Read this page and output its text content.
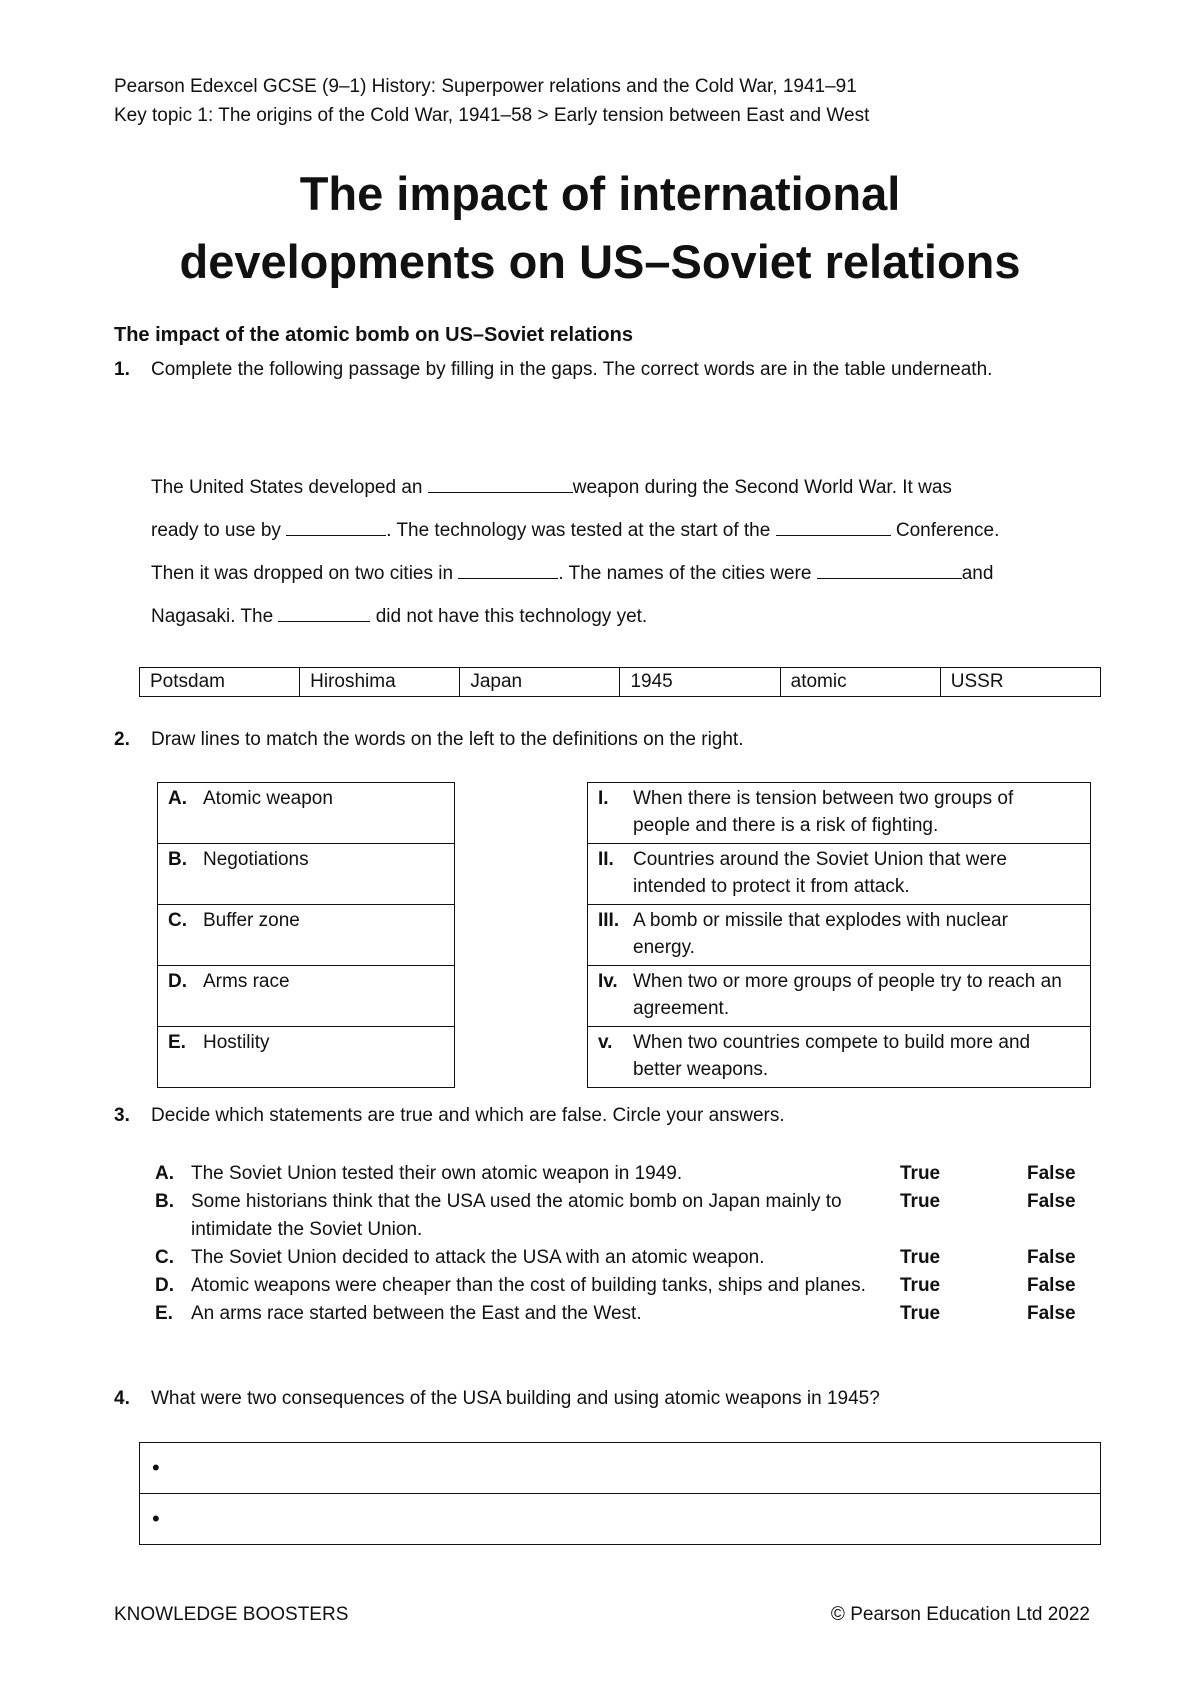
Pearson Edexcel GCSE (9–1) History: Superpower relations and the Cold War, 1941–91
Key topic 1: The origins of the Cold War, 1941–58 > Early tension between East and West
The impact of international
developments on US–Soviet relations
The impact of the atomic bomb on US–Soviet relations
1. Complete the following passage by filling in the gaps. The correct words are in the table underneath.
The United States developed an	weapon during the Second World War. It was
ready to use by	. The technology was tested at the start of the	Conference.
Then it was dropped on two cities in	. The names of the cities were	and
Nagasaki. The	did not have this technology yet.
Potsdam	Hiroshima	Japan	1945	atomic	USSR
2. Draw lines to match the words on the left to the definitions on the right.
A. Atomic weapon
B. Negotiations
C. Buffer zone
D. Arms race
E. Hostility
I. When there is tension between two groups of people and there is a risk of fighting.
II. Countries around the Soviet Union that were intended to protect it from attack.
III. A bomb or missile that explodes with nuclear energy.
Iv. When two or more groups of people try to reach an agreement.
v. When two countries compete to build more and better weapons.
3. Decide which statements are true and which are false. Circle your answers.
A. The Soviet Union tested their own atomic weapon in 1949.	True	False
B. Some historians think that the USA used the atomic bomb on Japan mainly to intimidate the Soviet Union.
True	False
C. The Soviet Union decided to attack the USA with an atomic weapon.	True	False
D. Atomic weapons were cheaper than the cost of building tanks, ships and planes. True	False
E. An arms race started between the East and the West.	True	False
4. What were two consequences of the USA building and using atomic weapons in 1945?
•
•
KNOWLEDGE BOOSTERS	© Pearson Education Ltd 2022
